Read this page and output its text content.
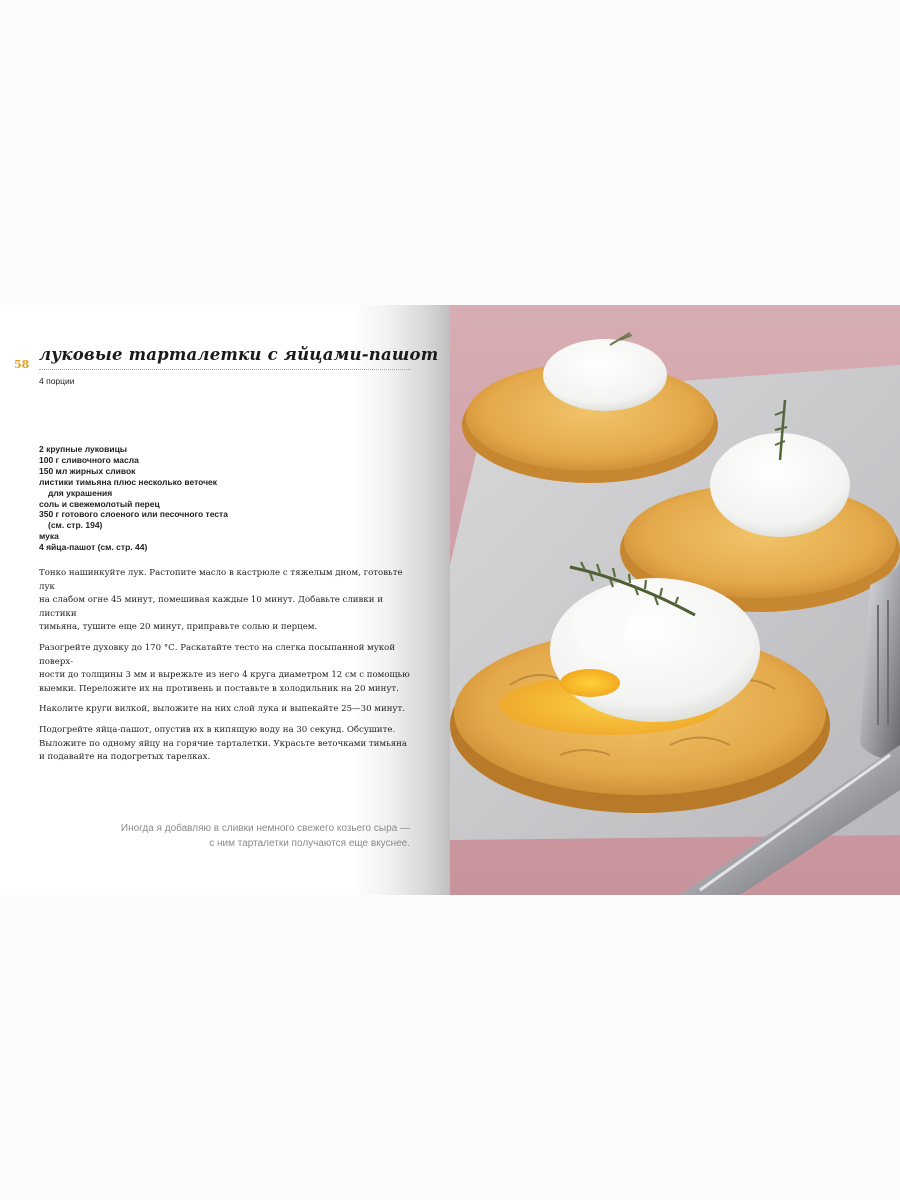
58
луковые тарталетки с яйцами-пашот
4 порции
2 крупные луковицы
100 г сливочного масла
150 мл жирных сливок
листики тимьяна плюс несколько веточек
для украшения
соль и свежемолотый перец
350 г готового слоеного или песочного теста
(см. стр. 194)
мука
4 яйца-пашот (см. стр. 44)

Тонко нашинкуйте лук. Растопите масло в кастрюле с тяжелым дном, готовьте лук
на слабом огне 45 минут, помешивая каждые 10 минут. Добавьте сливки и листики
тимьяна, тушите еще 20 минут, приправьте солью и перцем.

Разогрейте духовку до 170 °С. Раскатайте тесто на слегка посыпанной мукой поверх-
ности до толщины 3 мм и вырежьте из него 4 круга диаметром 12 см с помощью
выемки. Переложите их на противень и поставьте в холодильник на 20 минут.

Наколите круги вилкой, выложите на них слой лука и выпекайте 25—30 минут.

Подогрейте яйца-пашот, опустив их в кипящую воду на 30 секунд. Обсушите.
Выложите по одному яйцу на горячие тарталетки. Украсьте веточками тимьяна
и подавайте на подогретых тарелках.

Иногда я добавляю в сливки немного свежего козьего сыра —
с ним тарталетки получаются еще вкуснее.
